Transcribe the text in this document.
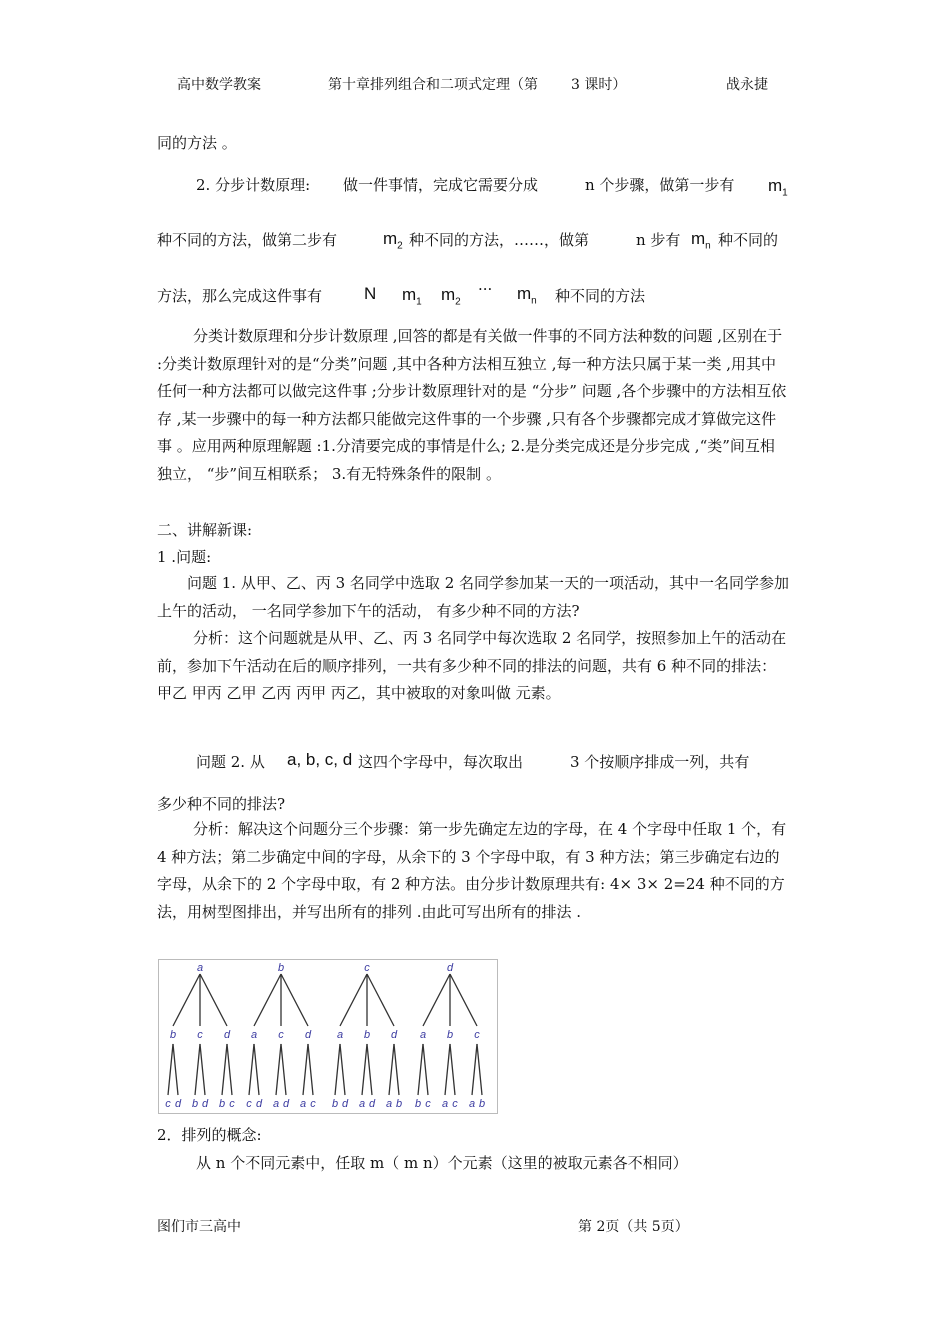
高中数学教案	第十章排列组合和二项式定理（第 3 课时）	战永捷
同的方法 。
2. 分步计数原理: 做一件事情，完成它需要分成	n 个步骤，做第一步有 $m_1$
种不同的方法，做第二步有	$m_2$ 种不同的方法，……，做第	n 步有 $m_n$ 种不同的
方法，那么完成这件事有 N $m_1$ $m_2$
··· $m_n$ 种不同的方法
分类计数原理和分步计数原理 ,回答的都是有关做一件事的不同方法种数的问题 ,区别在于 :分类计数原理针对的是“分类”问题 ,其中各种方法相互独立 ,每一种方法只属于某一类 ,用其中任何一种方法都可以做完这件事 ;分步计数原理针对的是 “分步” 问题 ,各个步骤中的方法相互依存 ,某一步骤中的每一种方法都只能做完这件事的一个步骤 ,只有各个步骤都完成才算做完这件事 。应用两种原理解题 :1.分清要完成的事情是什么; 2.是分类完成还是分步完成 ,“类”间互相独立， “步”间互相联系； 3.有无特殊条件的限制 。
二、讲解新课:
1 .问题:
问题 1. 从甲、乙、丙 3 名同学中选取 2 名同学参加某一天的一项活动，其中一名同学参加上午的活动， 一名同学参加下午的活动， 有多少种不同的方法?
分析：这个问题就是从甲、乙、丙 3 名同学中每次选取 2 名同学，按照参加上午的活动在前，参加下午活动在后的顺序排列，一共有多少种不同的排法的问题，共有 6 种不同的排法：甲乙 甲丙 乙甲 乙丙 丙甲 丙乙，其中被取的对象叫做 元素。
问题 2. 从 a, b, c, d 这四个字母中，每次取出	3 个按顺序排成一列，共有
多少种不同的排法?
分析：解决这个问题分三个步骤：第一步先确定左边的字母，在 4 个字母中任取 1 个，有 4 种方法；第二步确定中间的字母，从余下的 3 个字母中取，有 3 种方法；第三步确定右边的字母，从余下的 2 个字母中取，有 2 种方法。由分步计数原理共有: 4× 3× 2=24 种不同的方法，用树型图排出，并写出所有的排列 .由此可写出所有的排法 .
a
b
c d
c
b d
d
b c
b
a
c d
c
a d
d
a c
c
a
b d
b
a d
d
a b
d
a
b c
b
a c
c
a b
2．排列的概念:
从 n 个不同元素中，任取 m（ m n）个元素（这里的被取元素各不相同）
图们市三高中	第 2页（共 5页）
